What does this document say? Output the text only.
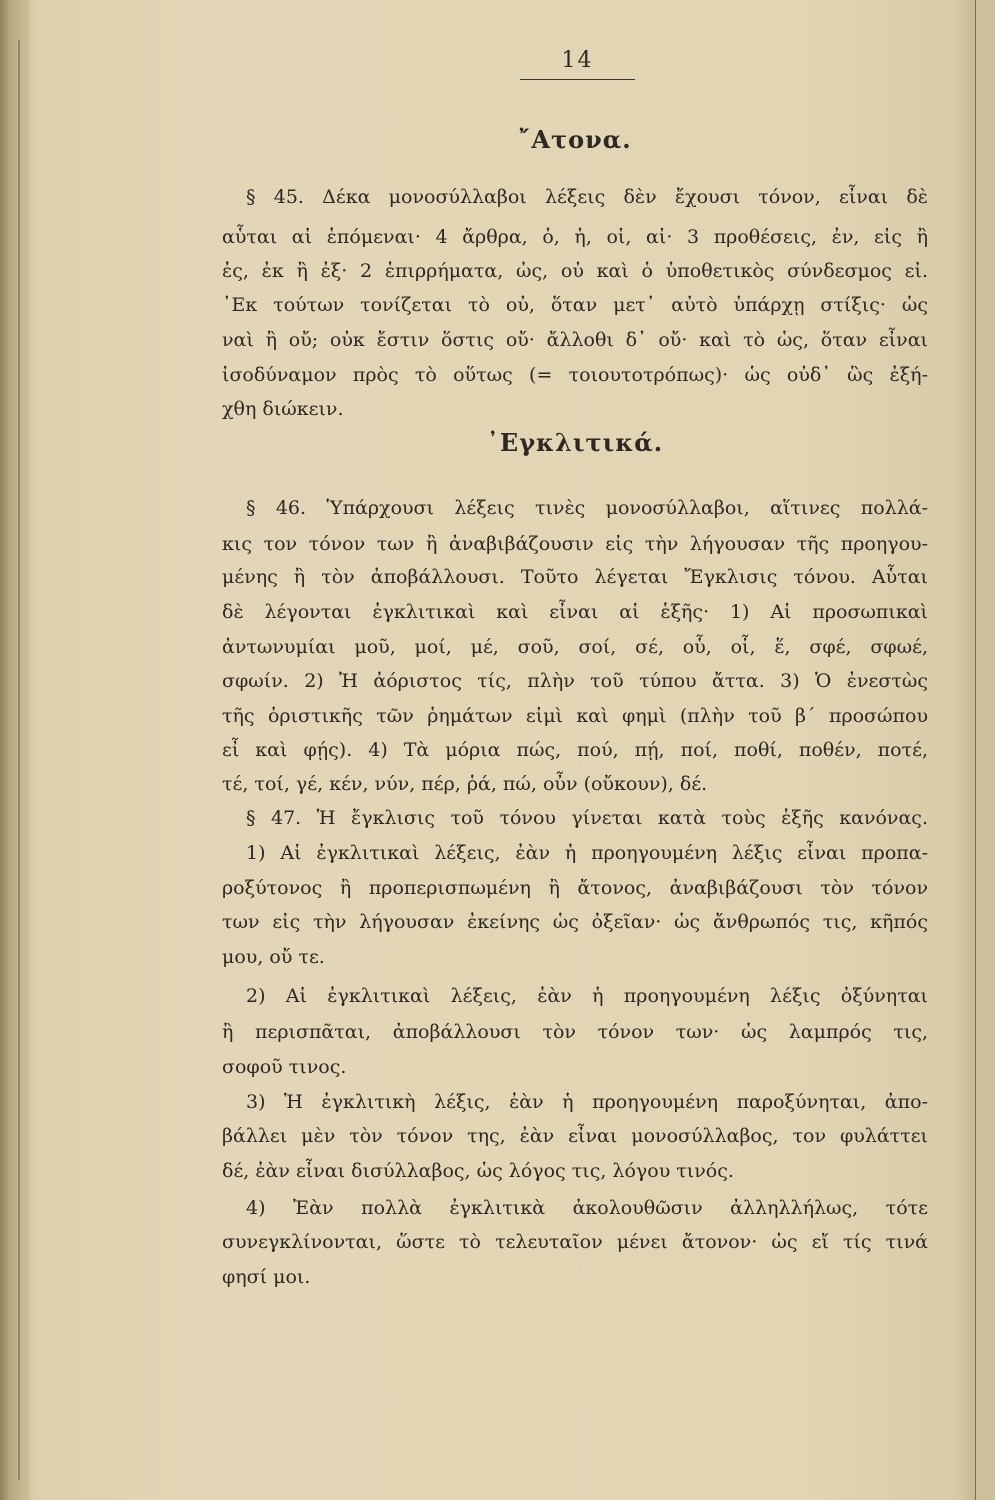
14
῎Ατονα.
§ 45. Δέκα μονοσύλλαβοι λέξεις δὲν ἔχουσι τόνον, εἶναι δὲ
αὗται αἱ ἑπόμεναι· 4 ἄρθρα, ὁ, ἡ, οἱ, αἱ· 3 προθέσεις, ἐν, εἰς ἢ
ἐς, ἐκ ἢ ἐξ· 2 ἐπιρρήματα, ὡς, οὐ καὶ ὁ ὑποθετικὸς σύνδεσμος εἰ.
᾿Εκ τούτων τονίζεται τὸ οὐ, ὅταν μετ᾿ αὐτὸ ὑπάρχῃ στίξις· ὡς
ναὶ ἢ οὔ; οὐκ ἔστιν ὅστις οὔ· ἄλλοθι δ᾿ οὔ· καὶ τὸ ὡς, ὅταν εἶναι
ἰσοδύναμον πρὸς τὸ οὕτως (= τοιουτοτρόπως)· ὡς οὐδ᾿ ὣς ἐξή-
χθη διώκειν.
᾿Εγκλιτικά.
§ 46. Ὑπάρχουσι λέξεις τινὲς μονοσύλλαβοι, αἵτινες πολλά-
κις τον τόνον των ἢ ἀναβιβάζουσιν εἰς τὴν λήγουσαν τῆς προηγου-
μένης ἢ τὸν ἀποβάλλουσι. Τοῦτο λέγεται Ἔγκλισις τόνου. Αὗται
δὲ λέγονται ἐγκλιτικαὶ καὶ εἶναι αἱ ἑξῆς· 1) Αἱ προσωπικαὶ
ἀντωνυμίαι μοῦ, μοί, μέ, σοῦ, σοί, σέ, οὗ, οἷ, ἕ, σφέ, σφωέ,
σφωίν. 2) Ἡ ἀόριστος τίς, πλὴν τοῦ τύπου ἄττα. 3) Ὁ ἐνεστὼς
τῆς ὁριστικῆς τῶν ῥημάτων εἰμὶ καὶ φημὶ (πλὴν τοῦ β΄ προσώπου
εἶ καὶ φῄς). 4) Τὰ μόρια πώς, πού, πῄ, ποί, ποθί, ποθέν, ποτέ,
τέ, τοί, γέ, κέν, νύν, πέρ, ῥά, πώ, οὖν (οὔκουν), δέ.
§ 47. Ἡ ἔγκλισις τοῦ τόνου γίνεται κατὰ τοὺς ἑξῆς κανόνας.
1) Αἱ ἐγκλιτικαὶ λέξεις, ἐὰν ἡ προηγουμένη λέξις εἶναι προπα-
ροξύτονος ἢ προπερισπωμένη ἢ ἄτονος, ἀναβιβάζουσι τὸν τόνον
των εἰς τὴν λήγουσαν ἐκείνης ὡς ὀξεῖαν· ὡς ἄνθρωπός τις, κῆπός
μου, οὔ τε.
2) Αἱ ἐγκλιτικαὶ λέξεις, ἐὰν ἡ προηγουμένη λέξις ὀξύνηται
ἢ περισπᾶται, ἀποβάλλουσι τὸν τόνον των· ὡς λαμπρός τις,
σοφοῦ τινος.
3) Ἡ ἐγκλιτικὴ λέξις, ἐὰν ἡ προηγουμένη παροξύνηται, ἀπο-
βάλλει μὲν τὸν τόνον της, ἐὰν εἶναι μονοσύλλαβος, τον φυλάττει
δέ, ἐὰν εἶναι δισύλλαβος, ὡς λόγος τις, λόγου τινός.
4) Ἐὰν πολλὰ ἐγκλιτικὰ ἀκολουθῶσιν ἀλληλλήλως, τότε
συνεγκλίνονται, ὥστε τὸ τελευταῖον μένει ἄτονον· ὡς εἴ τίς τινά
φησί μοι.
